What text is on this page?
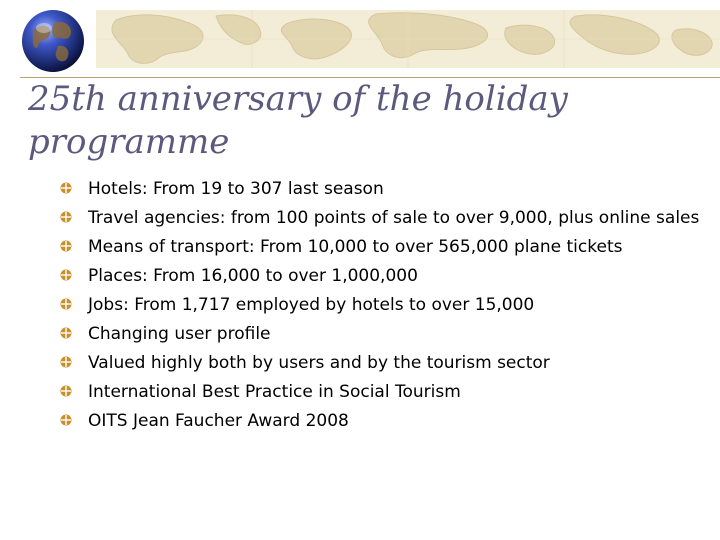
25th anniversary of the holiday programme
Hotels: From 19 to 307 last season
Travel agencies: from 100 points of sale to over 9,000, plus online sales
Means of transport: From 10,000 to over 565,000 plane tickets
Places: From 16,000 to over 1,000,000
Jobs: From 1,717 employed by hotels to over 15,000
Changing user profile
Valued highly both by users and by the tourism sector
International Best Practice in Social Tourism
OITS Jean Faucher Award 2008
